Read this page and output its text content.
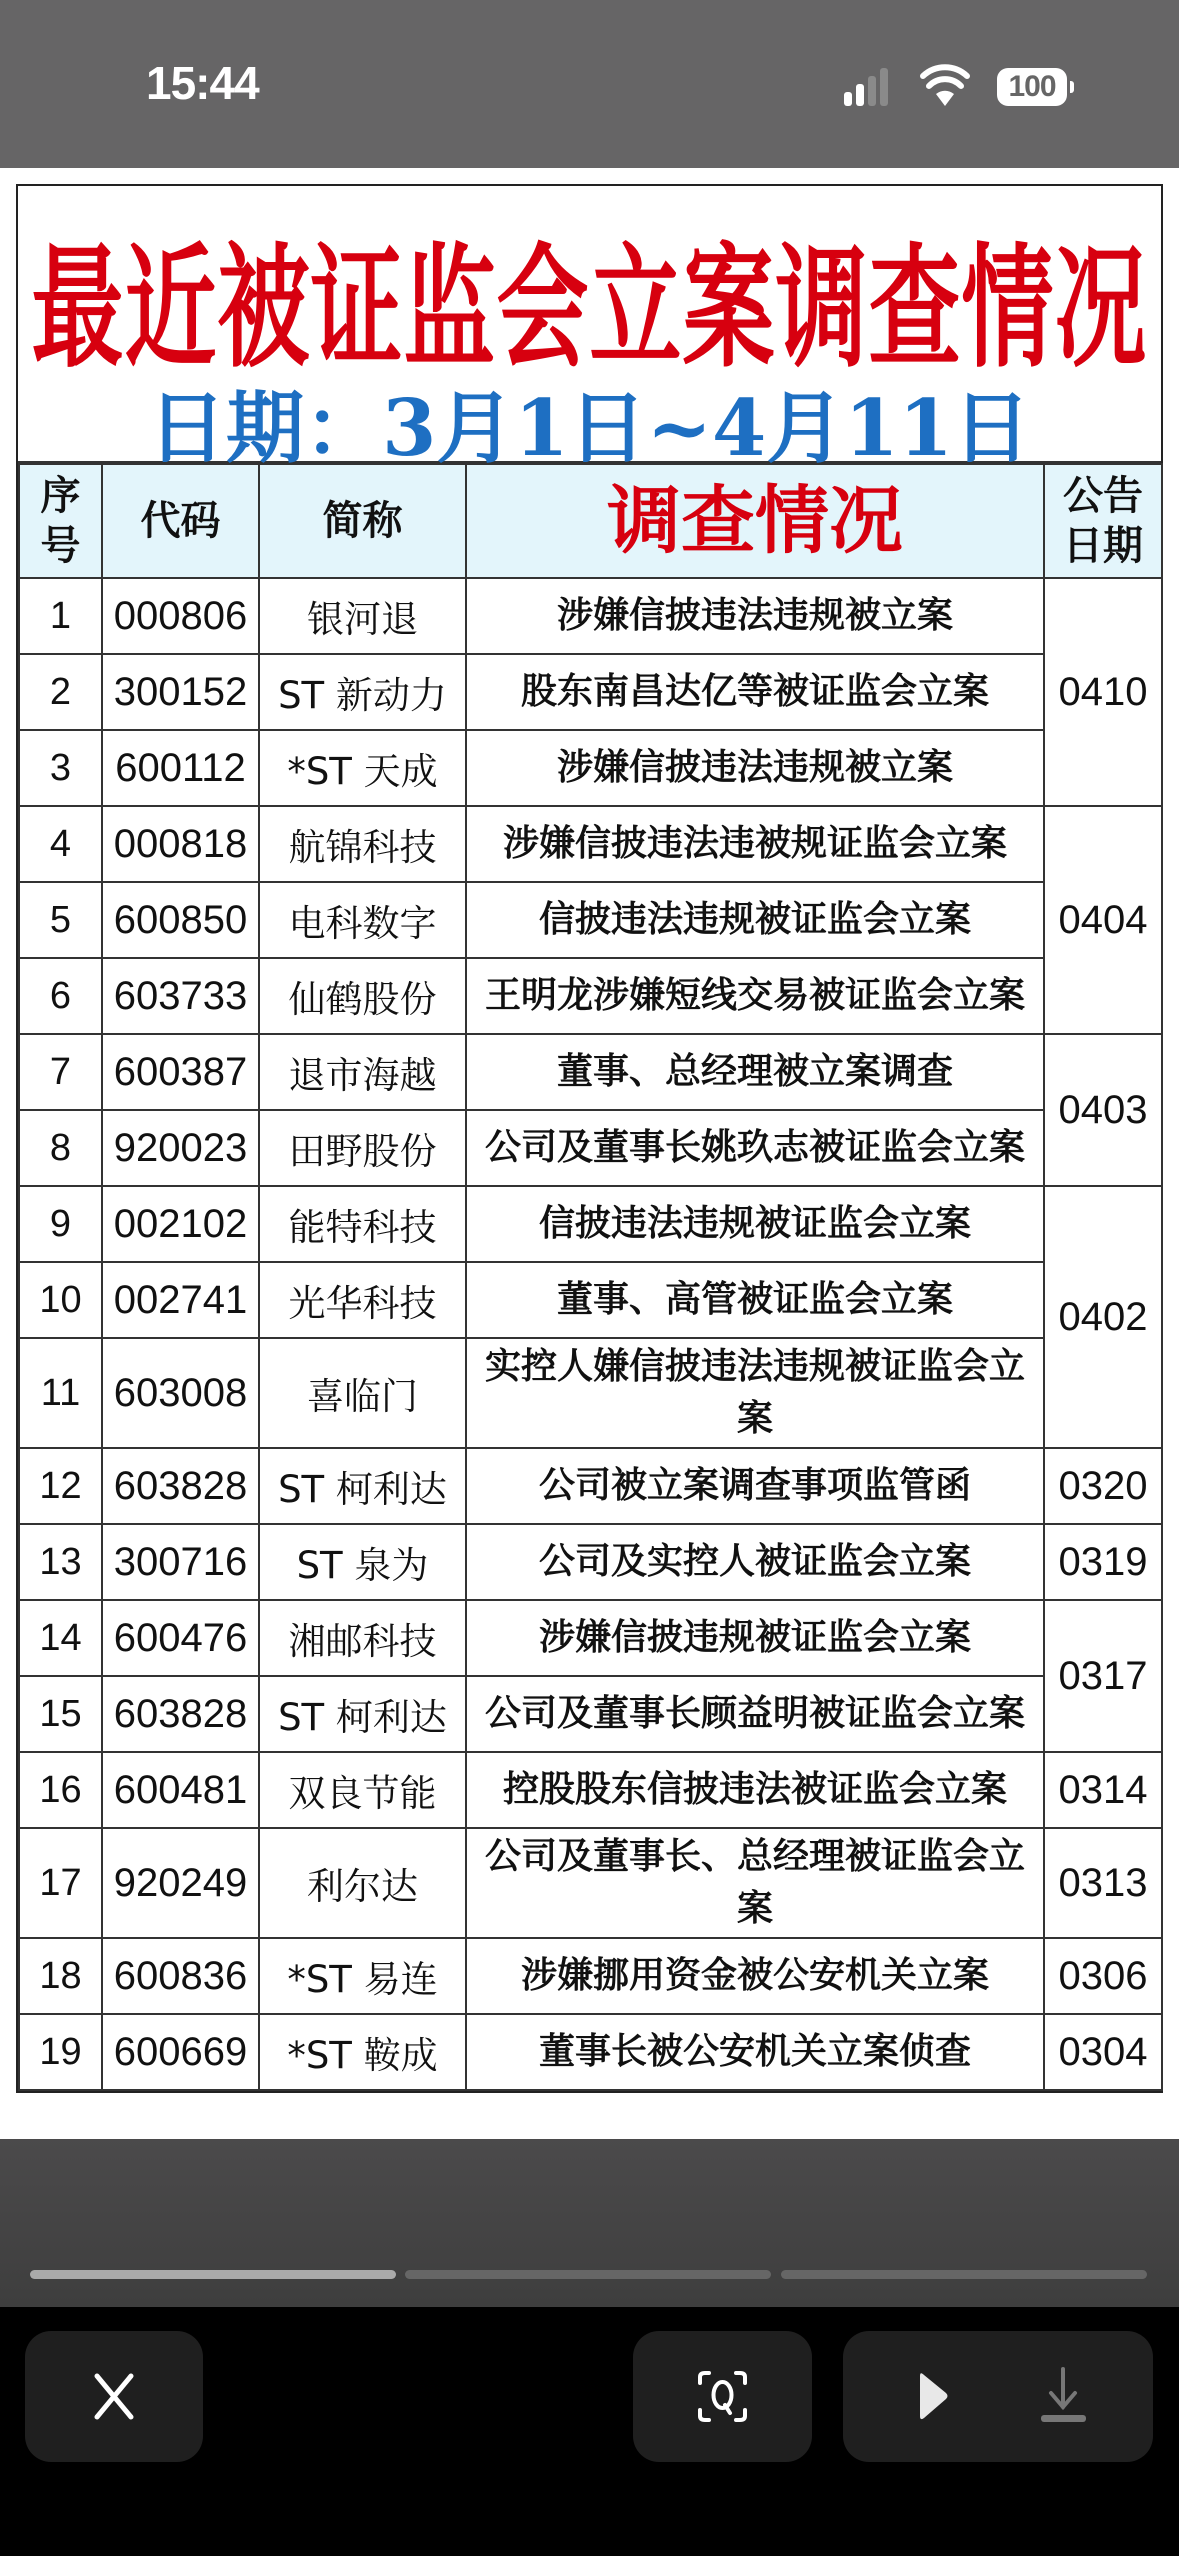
15:44	100
最近被证监会立案调查情况
日期：3月1日~4月11日
序号	代码	简称	调查情况	公告日期
1	000806	银河退	涉嫌信披违法违规被立案	0410
2	300152	ST 新动力	股东南昌达亿等被证监会立案	
3	600112	*ST 天成	涉嫌信披违法违规被立案	
4	000818	航锦科技	涉嫌信披违法违被规证监会立案	0404
5	600850	电科数字	信披违法违规被证监会立案	
6	603733	仙鹤股份	王明龙涉嫌短线交易被证监会立案	
7	600387	退市海越	董事、总经理被立案调查	0403
8	920023	田野股份	公司及董事长姚玖志被证监会立案	
9	002102	能特科技	信披违法违规被证监会立案	0402
10	002741	光华科技	董事、高管被证监会立案	
11	603008	喜临门	实控人嫌信披违法违规被证监会立案	
12	603828	ST 柯利达	公司被立案调查事项监管函	0320
13	300716	ST 泉为	公司及实控人被证监会立案	0319
14	600476	湘邮科技	涉嫌信披违规被证监会立案	0317
15	603828	ST 柯利达	公司及董事长顾益明被证监会立案	
16	600481	双良节能	控股股东信披违法被证监会立案	0314
17	920249	利尔达	公司及董事长、总经理被证监会立案	0313
18	600836	*ST 易连	涉嫌挪用资金被公安机关立案	0306
19	600669	*ST 鞍成	董事长被公安机关立案侦查	0304
